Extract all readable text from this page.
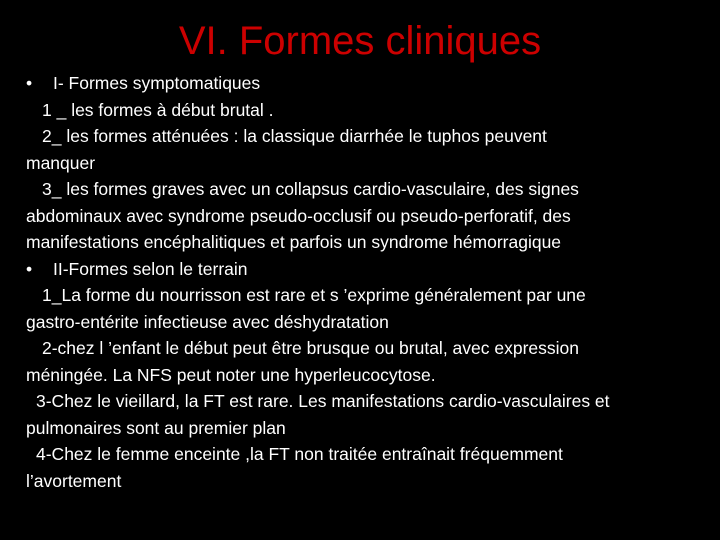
VI. Formes cliniques
• I- Formes symptomatiques
1 _ les formes à début brutal .
2_ les formes atténuées : la classique diarrhée le tuphos peuvent
manquer
3_ les formes graves avec un collapsus cardio-vasculaire, des signes
abdominaux avec syndrome pseudo-occlusif ou pseudo-perforatif, des
manifestations encéphalitiques et parfois un syndrome hémorragique
• II-Formes selon le terrain
1_La forme du nourrisson est rare et s ’exprime généralement par une
gastro-entérite infectieuse avec déshydratation
2-chez l ’enfant le début peut être brusque ou brutal, avec expression
méningée. La NFS peut noter une hyperleucocytose.
3-Chez le vieillard, la FT est rare. Les manifestations cardio-vasculaires et
pulmonaires sont au premier plan
4-Chez le femme enceinte ,la FT non traitée entraînait fréquemment
l’avortement
